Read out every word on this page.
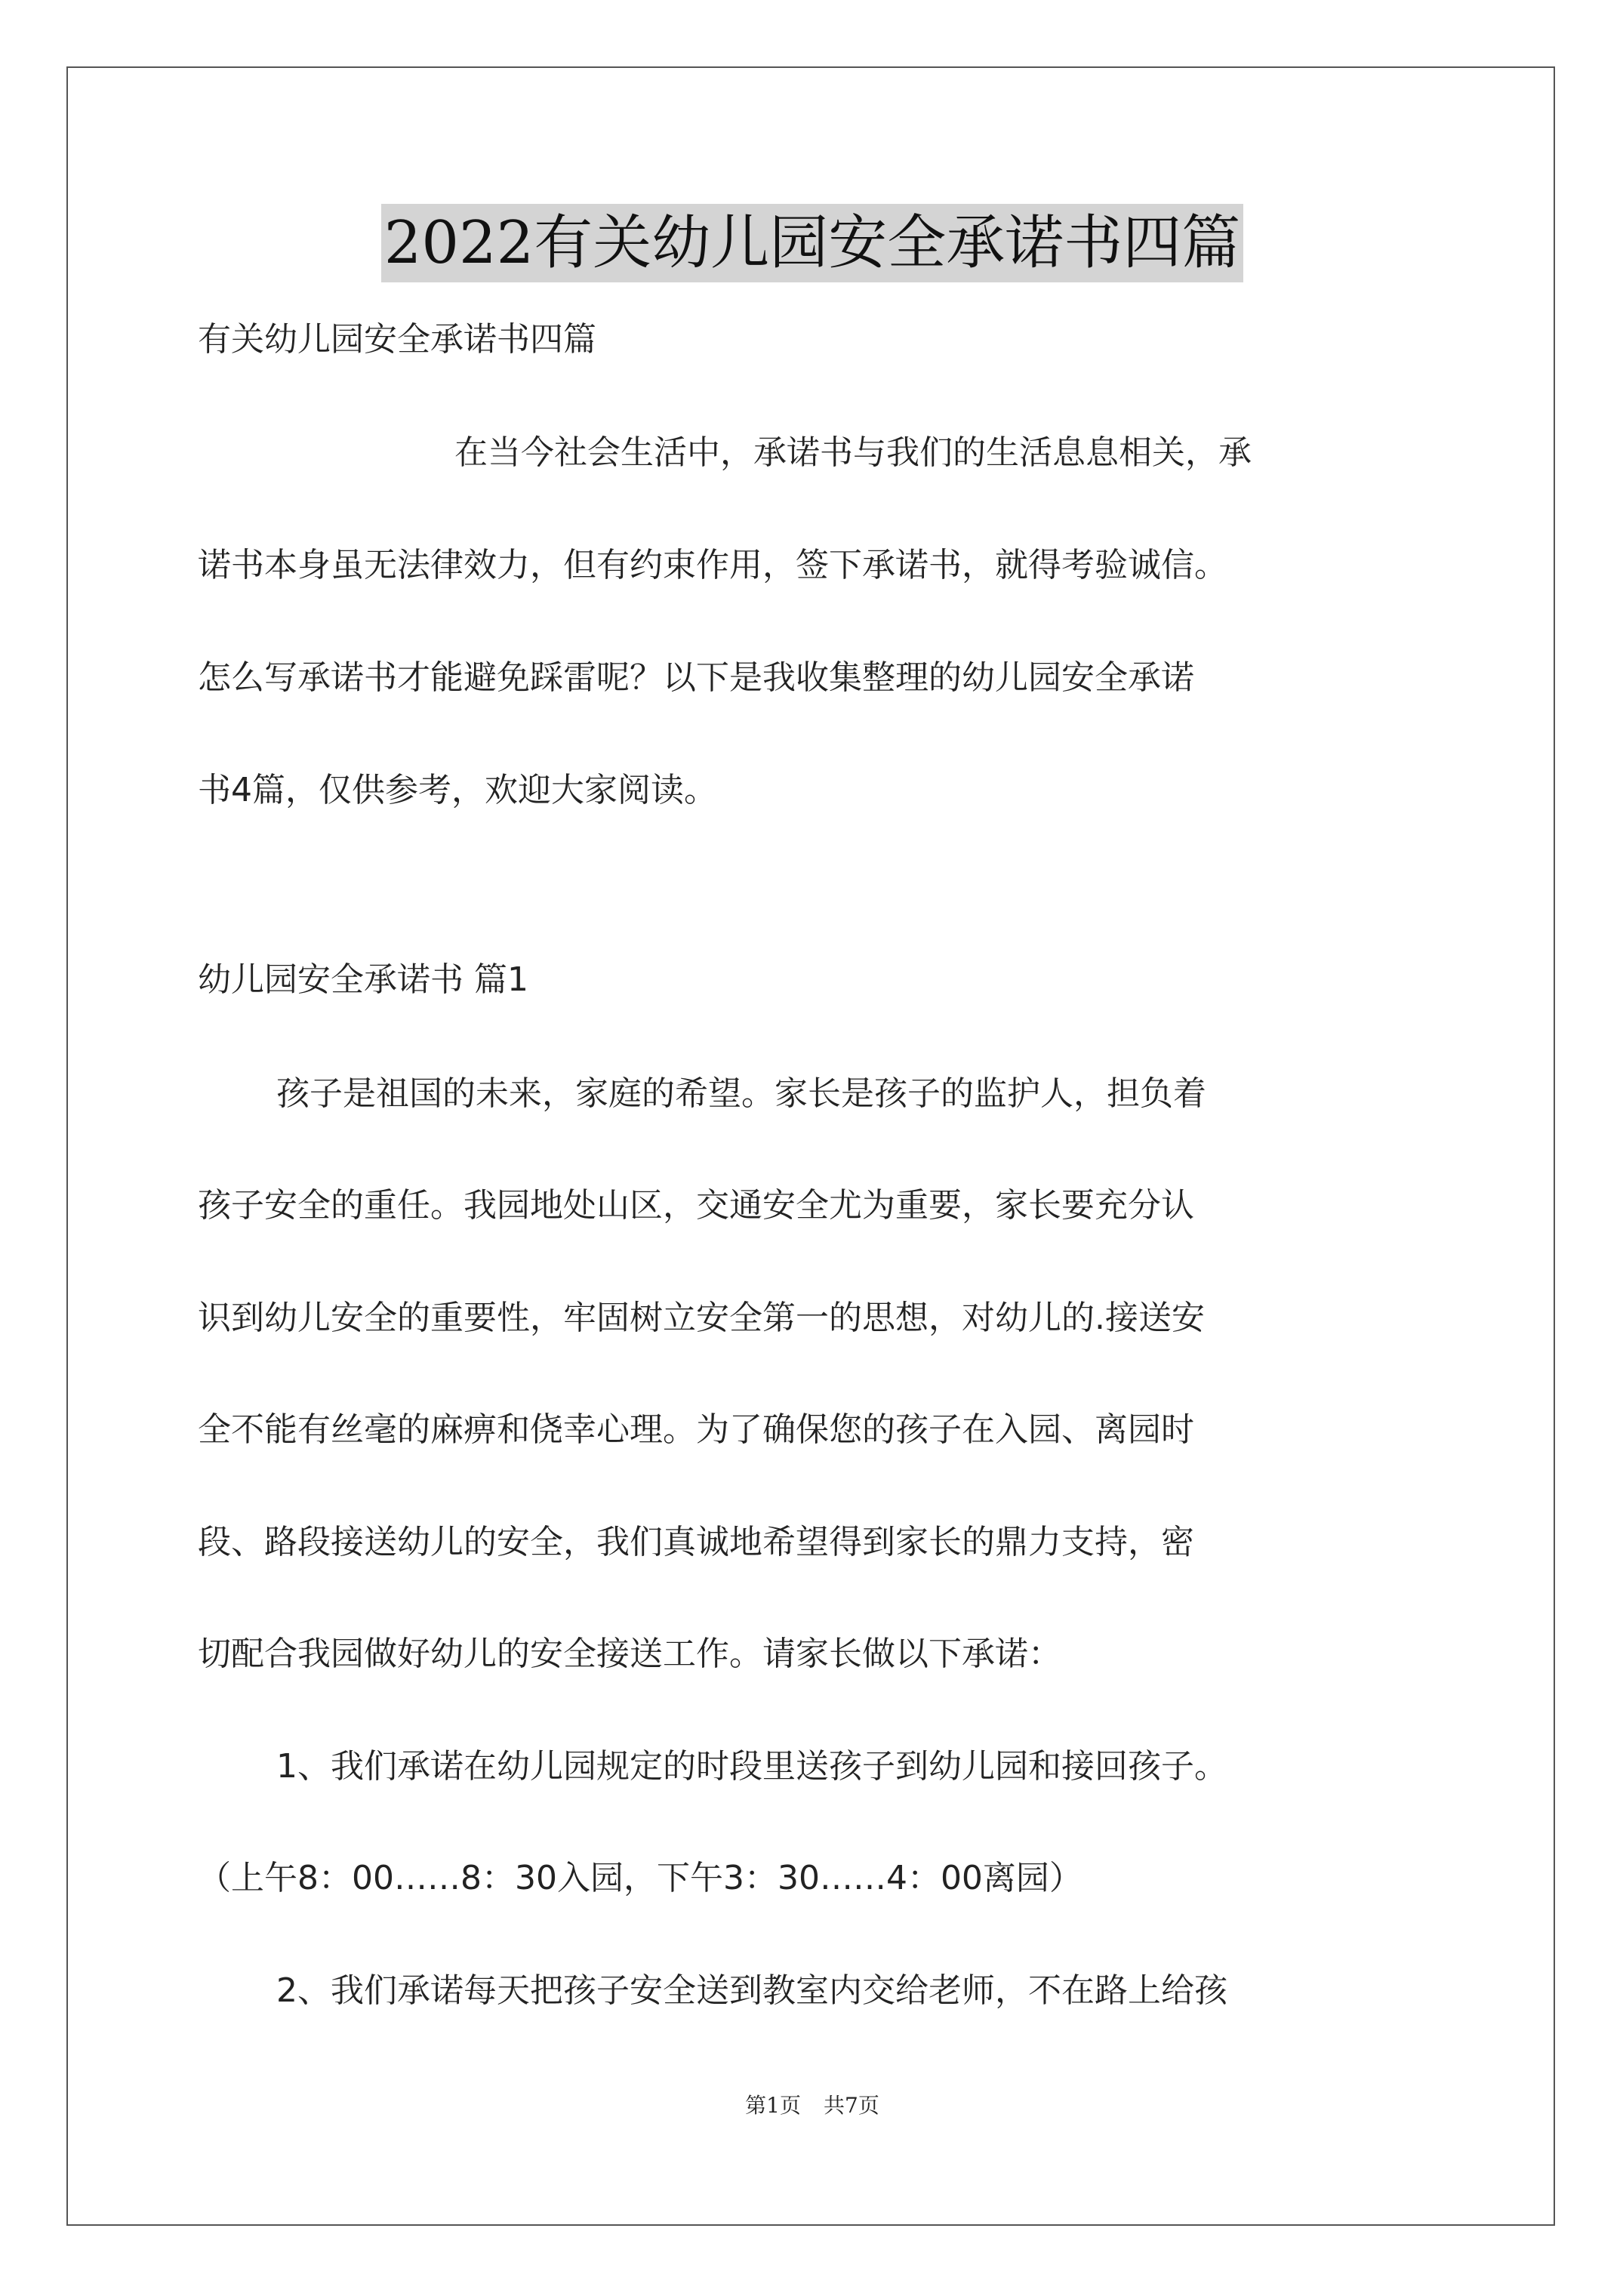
2022有关幼儿园安全承诺书四篇
有关幼儿园安全承诺书四篇
在当今社会生活中，承诺书与我们的生活息息相关，承
诺书本身虽无法律效力，但有约束作用，签下承诺书，就得考验诚信。
怎么写承诺书才能避免踩雷呢？以下是我收集整理的幼儿园安全承诺
书4篇，仅供参考，欢迎大家阅读。
幼儿园安全承诺书 篇1
孩子是祖国的未来，家庭的希望。家长是孩子的监护人，担负着
孩子安全的重任。我园地处山区，交通安全尤为重要，家长要充分认
识到幼儿安全的重要性，牢固树立安全第一的思想，对幼儿的.接送安
全不能有丝毫的麻痹和侥幸心理。为了确保您的孩子在入园、离园时
段、路段接送幼儿的安全，我们真诚地希望得到家长的鼎力支持，密
切配合我园做好幼儿的安全接送工作。请家长做以下承诺：
1、我们承诺在幼儿园规定的时段里送孩子到幼儿园和接回孩子。
（上午8：00……8：30入园，下午3：30……4：00离园）
2、我们承诺每天把孩子安全送到教室内交给老师，不在路上给孩
第1页 共7页
